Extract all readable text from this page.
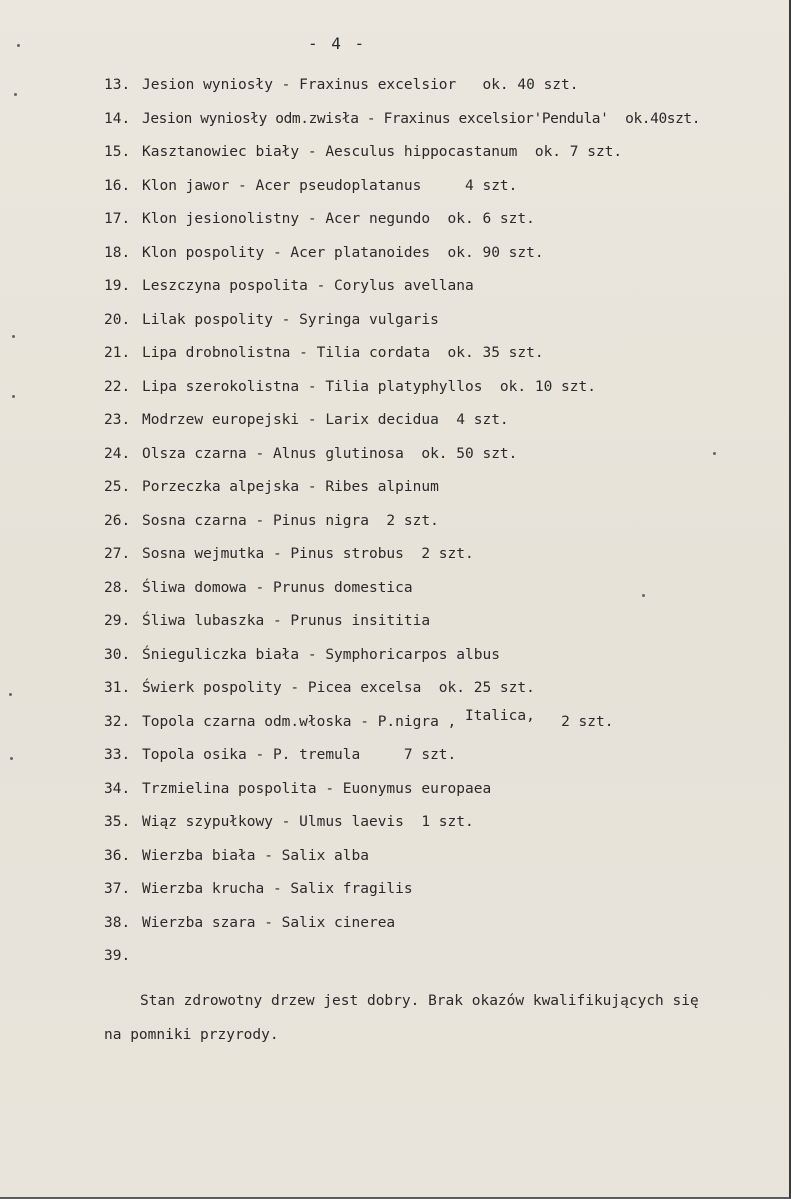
- 4 -
13. Jesion wyniosły - Fraxinus excelsior   ok. 40 szt.
14. Jesion wyniosły odm.zwisła - Fraxinus excelsior'Pendula'  ok.40szt.
15. Kasztanowiec biały - Aesculus hippocastanum  ok. 7 szt.
16. Klon jawor - Acer pseudoplatanus     4 szt.
17. Klon jesionolistny - Acer negundo  ok. 6 szt.
18. Klon pospolity - Acer platanoides  ok. 90 szt.
19. Leszczyna pospolita - Corylus avellana
20. Lilak pospolity - Syringa vulgaris
21. Lipa drobnolistna - Tilia cordata  ok. 35 szt.
22. Lipa szerokolistna - Tilia platyphyllos  ok. 10 szt.
23. Modrzew europejski - Larix decidua  4 szt.
24. Olsza czarna - Alnus glutinosa  ok. 50 szt.
25. Porzeczka alpejska - Ribes alpinum
26. Sosna czarna - Pinus nigra  2 szt.
27. Sosna wejmutka - Pinus strobus  2 szt.
28. Śliwa domowa - Prunus domestica
29. Śliwa lubaszka - Prunus insititia
30. Śnieguliczka biała - Symphoricarpos albus
31. Świerk pospolity - Picea excelsa  ok. 25 szt.
32. Topola czarna odm.włoska - P.nigra , Italica, 2 szt.
33. Topola osika - P. tremula     7 szt.
34. Trzmielina pospolita - Euonymus europaea
35. Wiąz szypułkowy - Ulmus laevis  1 szt.
36. Wierzba biała - Salix alba
37. Wierzba krucha - Salix fragilis
38. Wierzba szara - Salix cinerea
39.
Stan zdrowotny drzew jest dobry. Brak okazów kwalifikujących się
na pomniki przyrody.
